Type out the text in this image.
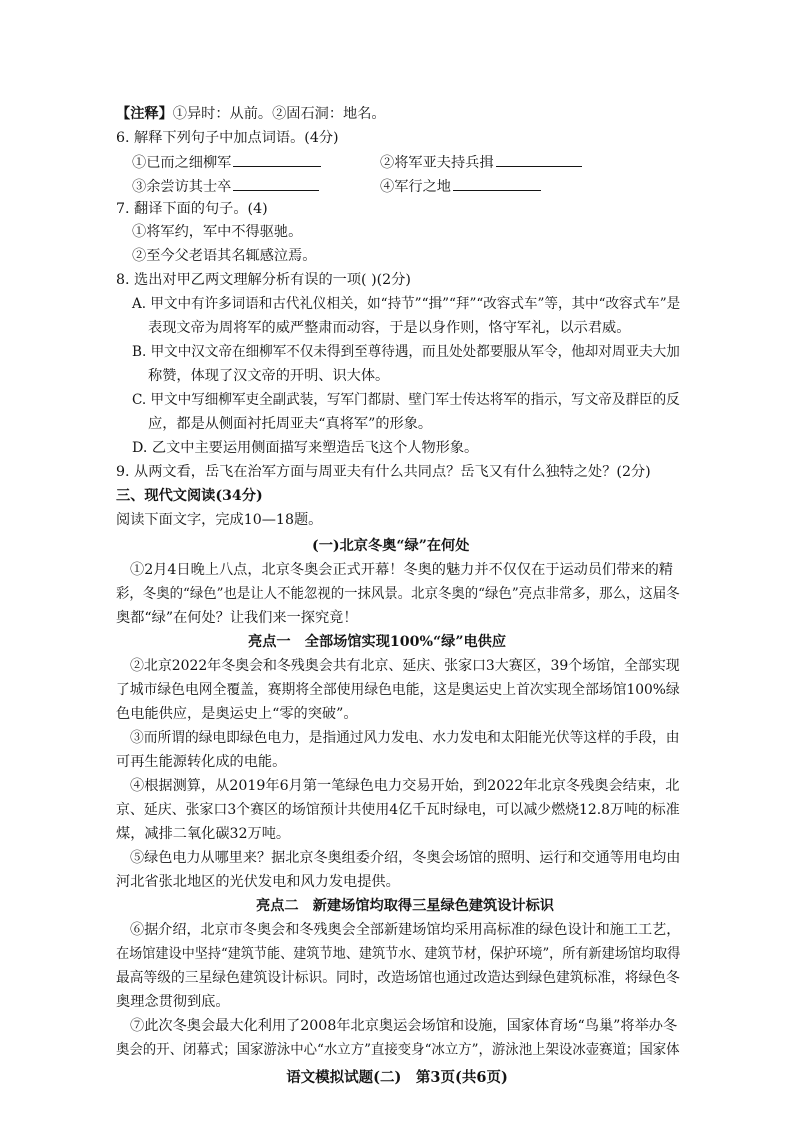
【注释】①异时：从前。②固石洞：地名。
6. 解释下列句子中加点词语。(4分)
①已而之细柳军	②将军亚夫持兵揖
③余尝访其士卒	④军行之地
7. 翻译下面的句子。(4)
①将军约，军中不得驱驰。
②至今父老语其名辄感泣焉。
8. 选出对甲乙两文理解分析有误的一项( )(2分)
A. 甲文中有许多词语和古代礼仪相关，如“持节”“揖”“拜”“改容式车”等，其中“改容式车”是
表现文帝为周将军的威严整肃而动容，于是以身作则，恪守军礼，以示君威。
B. 甲文中汉文帝在细柳军不仅未得到至尊待遇，而且处处都要服从军令，他却对周亚夫大加
称赞，体现了汉文帝的开明、识大体。
C. 甲文中写细柳军吏全副武装，写军门都尉、壁门军士传达将军的指示，写文帝及群臣的反
应，都是从侧面衬托周亚夫“真将军”的形象。
D. 乙文中主要运用侧面描写来塑造岳飞这个人物形象。
9. 从两文看，岳飞在治军方面与周亚夫有什么共同点？岳飞又有什么独特之处？(2分)
三、现代文阅读(34分)
阅读下面文字，完成10—18题。
(一)北京冬奥“绿”在何处
①2月4日晚上八点，北京冬奥会正式开幕！冬奥的魅力并不仅仅在于运动员们带来的精
彩，冬奥的“绿色”也是让人不能忽视的一抹风景。北京冬奥的“绿色”亮点非常多，那么，这届冬
奥都“绿”在何处？让我们来一探究竟！
亮点一　全部场馆实现100%“绿”电供应
②北京2022年冬奥会和冬残奥会共有北京、延庆、张家口3大赛区，39个场馆，全部实现
了城市绿色电网全覆盖，赛期将全部使用绿色电能，这是奥运史上首次实现全部场馆100%绿
色电能供应，是奥运史上“零的突破”。
③而所谓的绿电即绿色电力，是指通过风力发电、水力发电和太阳能光伏等这样的手段，由
可再生能源转化成的电能。
④根据测算，从2019年6月第一笔绿色电力交易开始，到2022年北京冬残奥会结束，北
京、延庆、张家口3个赛区的场馆预计共使用4亿千瓦时绿电，可以减少燃烧12.8万吨的标准
煤，减排二氧化碳32万吨。
⑤绿色电力从哪里来？据北京冬奥组委介绍，冬奥会场馆的照明、运行和交通等用电均由
河北省张北地区的光伏发电和风力发电提供。
亮点二　新建场馆均取得三星绿色建筑设计标识
⑥据介绍，北京市冬奥会和冬残奥会全部新建场馆均采用高标准的绿色设计和施工工艺，
在场馆建设中坚持“建筑节能、建筑节地、建筑节水、建筑节材，保护环境”，所有新建场馆均取得
最高等级的三星绿色建筑设计标识。同时，改造场馆也通过改造达到绿色建筑标准，将绿色冬
奥理念贯彻到底。
⑦此次冬奥会最大化利用了2008年北京奥运会场馆和设施，国家体育场“鸟巢”将举办冬
奥会的开、闭幕式；国家游泳中心“水立方”直接变身“冰立方”，游泳池上架设冰壶赛道；国家体
语文模拟试题(二)　第3页(共6页)
